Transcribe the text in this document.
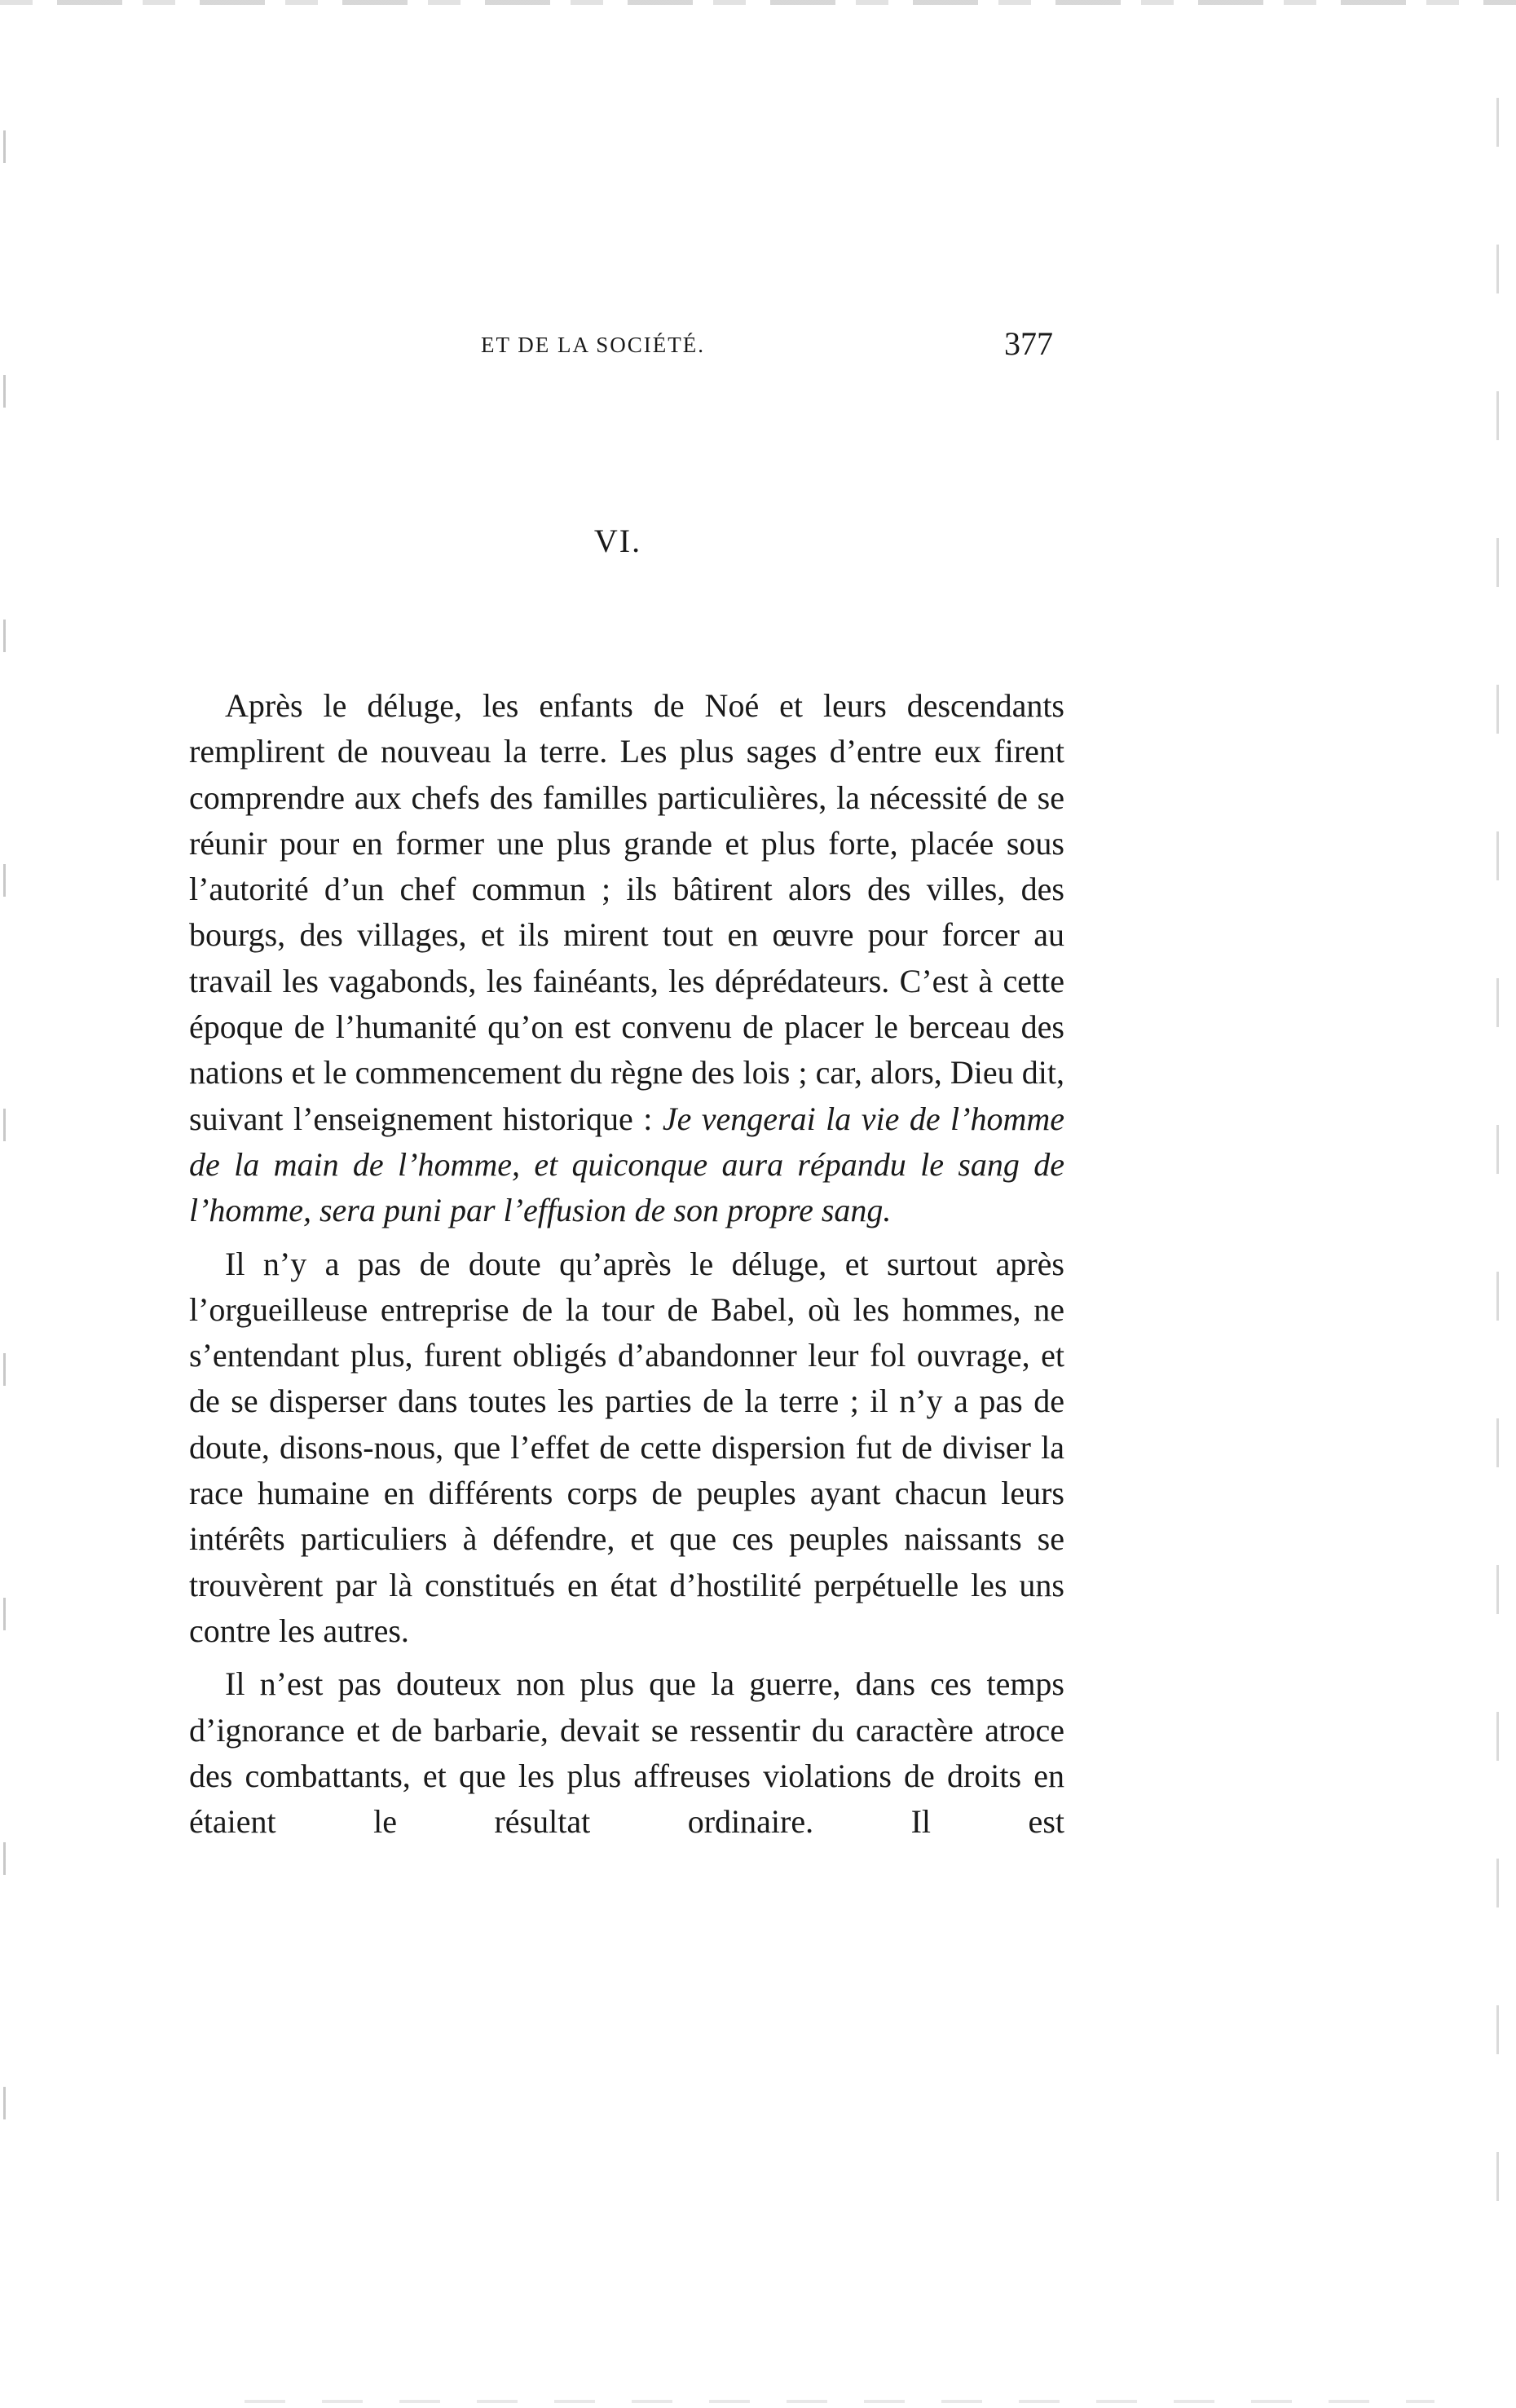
ET DE LA SOCIÉTÉ.	377
VI.

Après le déluge, les enfants de Noé et leurs descendants remplirent de nouveau la terre. Les plus sages d’entre eux firent comprendre aux chefs des familles particulières, la nécessité de se réunir pour en former une plus grande et plus forte, placée sous l’autorité d’un chef commun ; ils bâtirent alors des villes, des bourgs, des villages, et ils mirent tout en œuvre pour forcer au travail les vagabonds, les fainéants, les déprédateurs. C’est à cette époque de l’humanité qu’on est convenu de placer le berceau des nations et le commencement du règne des lois ; car, alors, Dieu dit, suivant l’enseignement historique : Je vengerai la vie de l’homme de la main de l’homme, et quiconque aura répandu le sang de l’homme, sera puni par l’effusion de son propre sang.

Il n’y a pas de doute qu’après le déluge, et surtout après l’orgueilleuse entreprise de la tour de Babel, où les hommes, ne s’entendant plus, furent obligés d’abandonner leur fol ouvrage, et de se disperser dans toutes les parties de la terre ; il n’y a pas de doute, disons-nous, que l’effet de cette dispersion fut de diviser la race humaine en différents corps de peuples ayant chacun leurs intérêts particuliers à défendre, et que ces peuples naissants se trouvèrent par là constitués en état d’hostilité perpétuelle les uns contre les autres.

Il n’est pas douteux non plus que la guerre, dans ces temps d’ignorance et de barbarie, devait se ressentir du caractère atroce des combattants, et que les plus affreuses violations de droits en étaient le résultat ordinaire. Il est
